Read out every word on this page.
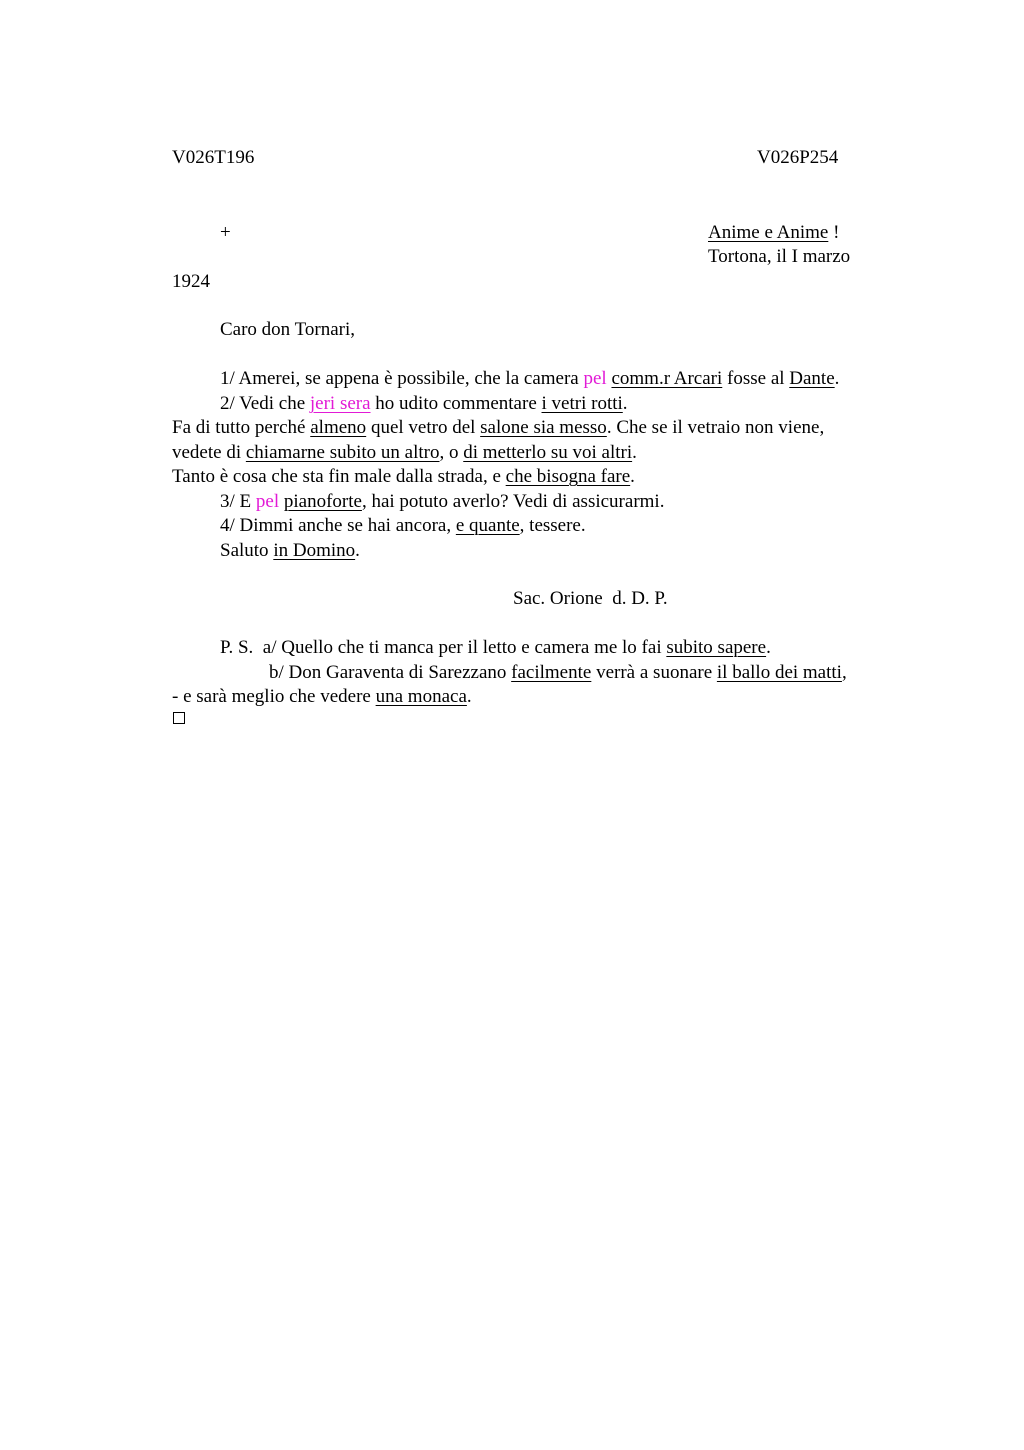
V026T196	V026P254
+	Anime e Anime !
Tortona, il I marzo
1924
Caro don Tornari,
1/ Amerei, se appena è possibile, che la camera pel comm.r Arcari fosse al Dante.
2/ Vedi che jeri sera ho udito commentare i vetri rotti.
Fa di tutto perché almeno quel vetro del salone sia messo. Che se il vetraio non viene,
vedete di chiamarne subito un altro, o di metterlo su voi altri.
Tanto è cosa che sta fin male dalla strada, e che bisogna fare.
3/ E pel pianoforte, hai potuto averlo? Vedi di assicurarmi.
4/ Dimmi anche se hai ancora, e quante, tessere.
Saluto in Domino.
Sac. Orione  d. D. P.
P. S.  a/ Quello che ti manca per il letto e camera me lo fai subito sapere.
b/ Don Garaventa di Sarezzano facilmente verrà a suonare il ballo dei matti,
- e sarà meglio che vedere una monaca.
